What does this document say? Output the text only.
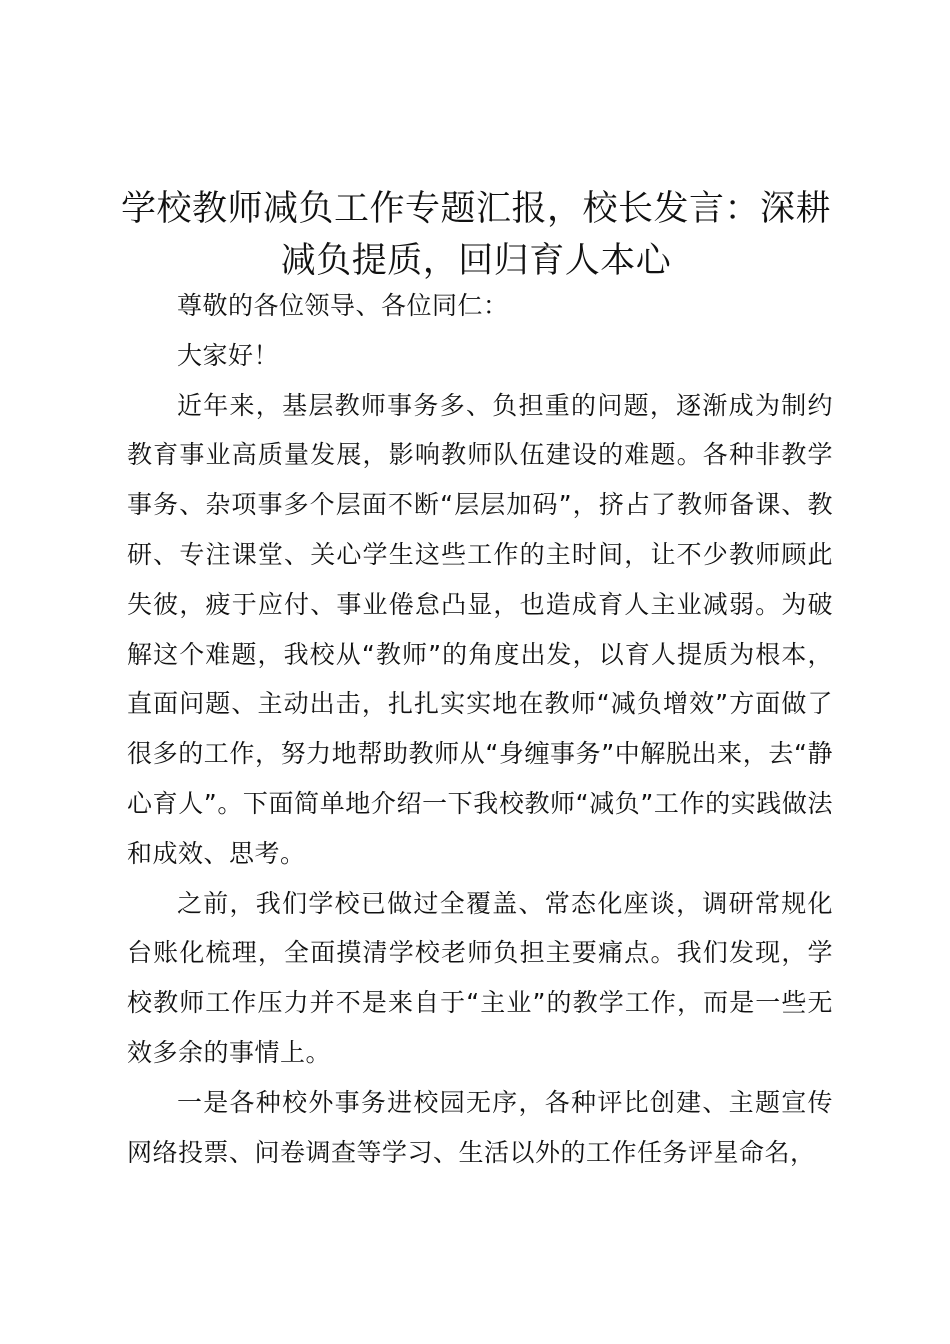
学校教师减负工作专题汇报，校长发言：深耕减负提质，回归育人本心

尊敬的各位领导、各位同仁：

大家好！

近年来，基层教师事务多、负担重的问题，逐渐成为制约教育事业高质量发展，影响教师队伍建设的难题。各种非教学事务、杂项事多个层面不断“层层加码”，挤占了教师备课、教研、专注课堂、关心学生这些工作的主时间，让不少教师顾此失彼，疲于应付、事业倦怠凸显，也造成育人主业减弱。为破解这个难题，我校从“教师”的角度出发，以育人提质为根本，直面问题、主动出击，扎扎实实地在教师“减负增效”方面做了很多的工作，努力地帮助教师从“身缠事务”中解脱出来，去“静心育人”。下面简单地介绍一下我校教师“减负”工作的实践做法和成效、思考。

之前，我们学校已做过全覆盖、常态化座谈，调研常规化台账化梳理，全面摸清学校老师负担主要痛点。我们发现，学校教师工作压力并不是来自于“主业”的教学工作，而是一些无效多余的事情上。

一是各种校外事务进校园无序，各种评比创建、主题宣传网络投票、问卷调查等学习、生活以外的工作任务评星命名，
